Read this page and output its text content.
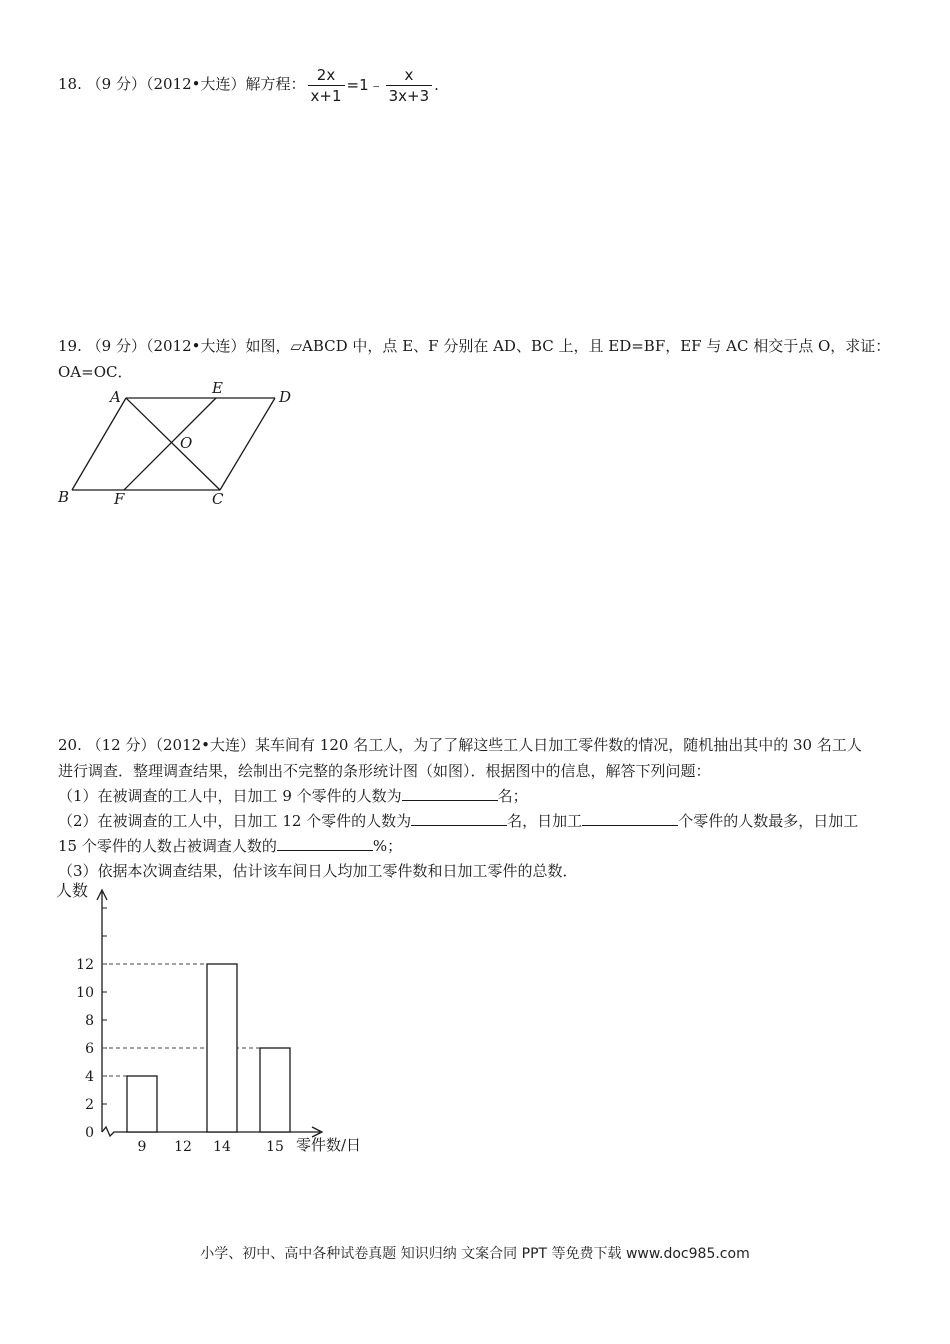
18. （9 分）（2012•大连）解方程： $\frac{2x}{x+1}$ =1﹣ $\frac{x}{3x+3}$ .
19. （9 分）（2012•大连）如图，▱ABCD 中，点 E、F 分别在 AD、BC 上，且 ED=BF，EF 与 AC 相交于点 O，求证：
OA=OC．
A	E	D
O
B	F	C
20. （12 分）（2012•大连）某车间有 120 名工人，为了了解这些工人日加工零件数的情况，随机抽出其中的 30 名工人
进行调查．整理调查结果，绘制出不完整的条形统计图（如图）．根据图中的信息，解答下列问题：
（1）在被调查的工人中，日加工 9 个零件的人数为	名；
（2）在被调查的工人中，日加工 12 个零件的人数为	名，日加工	个零件的人数最多，日加工
15 个零件的人数占被调查人数的	%；
（3）依据本次调查结果，估计该车间日人均加工零件数和日加工零件的总数．
人数
零件数/日
0
2
4
6
8
10
12
9 12 14	15
小学、初中、高中各种试卷真题 知识归纳 文案合同 PPT 等免费下载 www.doc985.com
